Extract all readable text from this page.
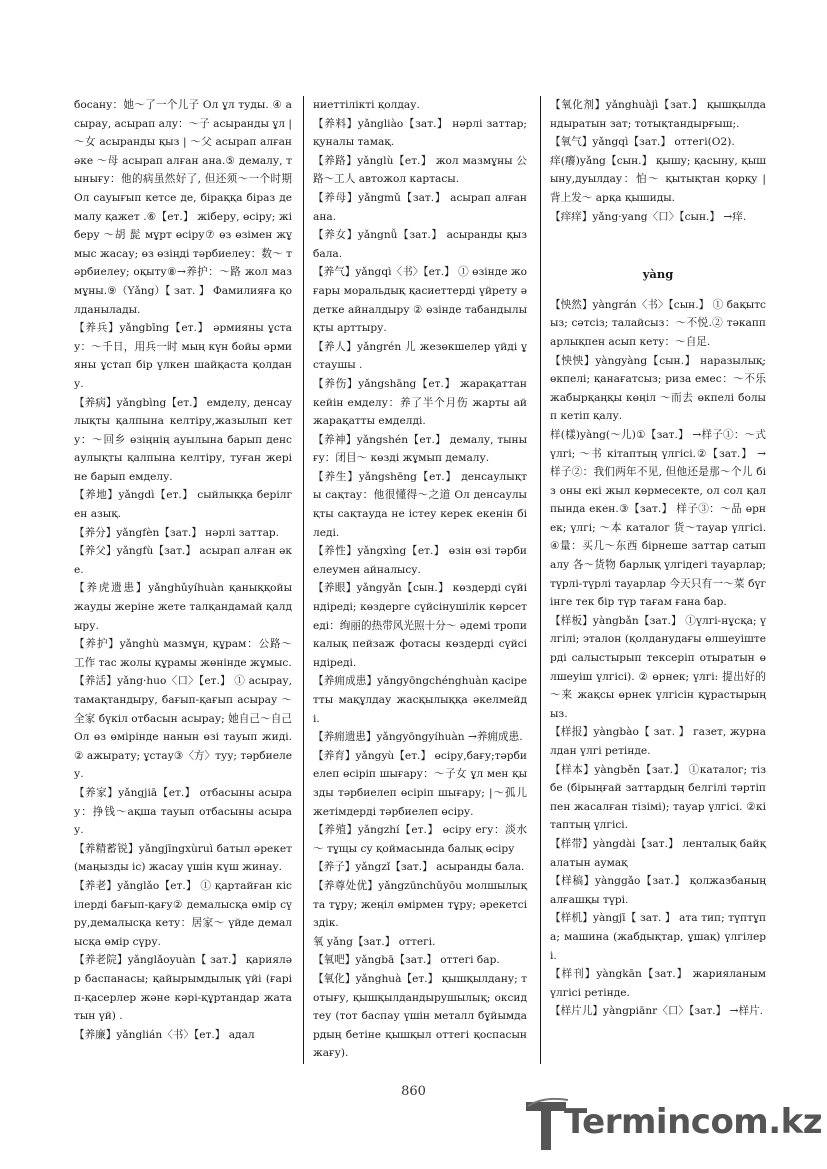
босану：她～了一个儿子 Ол ұл туды. ④ асырау, асырап алу：～子 асыранды ұл | ～女 асыранды қыз | ～父 асырап алған әке ～母 асырап алған ана.⑤ демалу, тынығу：他的病虽然好了, 但还须～一个时期 Ол сауығып кетсе де, біраққа біраз демалу қажет .⑥【ет.】 жіберу, өсіру; жіберу ～胡 髭 мұрт өсіру⑦ өз өзімен жұмыс жасау; өз өзіңді тәрбиелеу：数～ тәрбиелеу; оқыту⑧→养护：～路 жол мазмұны.⑨（Yǎng）【 зат. 】 Фамилияға қолданылады.

【养兵】yǎngbīng【ет.】 әрмияны ұстау：～千日，用兵一时 мың күн бойы әрмияны ұстап бір үлкен шайқаста қолдану.

【养病】yǎngbìng【ет.】 емделу, денсаулықты қалпына келтіру,жазылып кету：～回乡 өзіңнің ауылына барып денсаулықты қалпына келтіру, туған жеріне барып емделу.

【养地】yǎngdì【ет.】 сыйлыққа берілген азық.

【养分】yǎngfèn【зат.】 нәрлі заттар.

【养父】yǎngfù【зат.】 асырап алған әке.

【养虎遗患】yǎnghǔyíhuàn қаныққойы жауды жеріне жете талқандамай қалдыру.

【养护】yǎnghù мазмұн, құрам：公路～工作 тас жолы құрамы жөнінде жұмыс.

【养活】yǎng·huo〈口〉【ет.】 ① асырау,тамақтандыру, бағып-қағып асырау ～全家 бүкіл отбасын асырау; 她自己～自己 Ол өз өмірінде нанын өзі тауып жиді.② ажырату; ұстау③〈方〉туу; тәрбиелеу.

【养家】yǎngjiā【ет.】 отбасыны асырау：挣钱～ақша тауып отбасыны асырау.

【养精蓄锐】yǎngjīngxùruì батыл әрекет (маңызды іс) жасау үшін күш жинау.

【养老】yǎnglǎo【ет.】 ① қартайған кісілерді бағып-қағу② демалысқа өмір сүру,демалысқа кету：居家～ үйде демалысқа өмір сүру.

【养老院】yǎnglǎoyuàn【 зат.】 қарияләр баспанасы; қайырымдылық үйі (ғаріп-қасерлер және кәрі-құртандар жататын үй) .

【养廉】yǎnglián〈书〉【ет.】 адал

ниеттілікті қолдау.

【养料】yǎngliào【зат.】 нәрлі заттар; қуналы тамақ.

【养路】yǎnglù【ет.】 жол мазмұны 公路～工人 автожол картасы.

【养母】yǎngmǔ【зат.】 асырап алған ана.

【养女】yǎngnǚ【зат.】 асыранды қыз бала.

【养气】yǎngqì〈书〉【ет.】 ① өзінде жоғары моральдық қасиеттерді үйрету әдетке айналдыру ② өзінде табандылықты арттыру.

【养人】yǎngrén 儿 жезөкшелер үйді ұстаушы .

【养伤】yǎngshāng【ет.】 жарақаттан кейін емделу：养了半个月伤 жарты ай жарақатты емделді.

【养神】yǎngshén【ет.】 демалу, тынығу：闭目～ көзді жұмып демалу.

【养生】yǎngshēng【ет.】 денсаулықты сақтау：他很懂得～之道 Ол денсаулықты сақтауда не істеу керек екенін біледі.

【养性】yǎngxìng【ет.】 өзін өзі тәрбиелеумен айналысу.

【养眼】yǎngyǎn【сын.】 көздерді сүйіндіреді; көздерге сүйсінушілік көрсетеді：绚丽的热带风光照十分～ әдемі тропикалық пейзаж фотасы көздерді сүйсіндіреді.

【养痈成患】yǎngyōngchénghuàn қасіретты мақұлдау жасқылыққа әкелмейді.

【养痈遗患】yǎngyōngyíhuàn →养痈成患.

【养育】yǎngyù【ет.】 өсіру,бағу;тәрбиелеп өсіріп шығару：～子女 ұл мен қызды тәрбиелеп өсіріп шығару; |～孤儿 жетімдерді тәрбиелеп өсіру.

【养殖】yǎngzhí【ет.】 өсіру егу：淡水～ тұщы су қоймасында балық өсіру

【养子】yǎngzǐ【зат.】 асыранды бала.

【养尊处优】yǎngzūnchǔyōu молшылықта тұру; жеңіл өмірмен тұру; әрекетсіздік.

氧 yǎng【зат.】 оттегі.

【氧吧】yǎngbā【зат.】 оттегі бар.

【氧化】yǎnghuà【ет.】 қышқылдану; тотығу, қышқылдандырушылық; оксидтеу (тот баспау үшін металл бұйымдардың бетіне қышқыл оттегі қоспасын жағу).

【氧化剂】yǎnghuàjì【зат.】 қышқылдандыратын зат; тотықтандырғыш;.

【氧气】yǎngqì【зат.】 оттегі(O2).

痒(癢)yǎng【сын.】 қышу; қасыну, қышыну,дуылдау：怕～ қытықтан қорқу | 背上发～ арқа қышиды.

【痒痒】yǎng·yang〈口〉【сын.】 →痒.

yàng

【怏然】yàngrán〈书〉【сын.】 ① бақытсыз; сәтсіз; талайсыз：～不悦.② тәкаппарлықпен асып кету：～自足.

【怏怏】yàngyàng【сын.】 наразылық; өкпелі; қанағатсыз; риза емес：～不乐 жабырқаңқы көңіл ～而去 өкпелі болып кетіп қалу.

样(樣)yàng(～儿)①【зат.】 →样子①：～式 үлгі; ～书 кітаптың үлгісі.②【зат.】 →样子②：我们两年不见, 但他还是那～个儿 біз оны екі жыл көрмесекте, ол сол қалпында екен.③【зат.】 样子③：～品 өрнек; үлгі; ～本 каталог 货～тауар үлгісі.④量：买几～东西 бірнеше заттар сатып алу 各～货物 барлық үлгідегі тауарлар; түрлі-түрлі тауарлар 今天只有一～菜 бүгінге тек бір түр тағам ғана бар.

【样板】yàngbǎn【зат.】 ①үлгі-нұсқа; үлгілі; эталон (қолданудағы өлшеуіштерді салыстырып тексеріп отыратын өлшеуіш үлгісі). ② өрнек; үлгі: 提出好的～来 жақсы өрнек үлгісін құрастырыңыз.

【样报】yàngbào【 зат. 】 газет, журналдан үлгі ретінде.

【样本】yàngběn【зат.】 ①каталог; тізбе (бірыңғай заттардың белгілі тәртіппен жасалған тізімі); тауар үлгісі. ②кітаптың үлгісі.

【样带】yàngdài【зат.】 ленталық байқалатын аумақ

【样稿】yànggǎo【зат.】 қолжазбаның алғашқы түрі.

【样机】yàngjī【 зат. 】 ата тип; түптұпа; машина (жабдықтар, ұшақ) үлгілері.

【样刊】yàngkān【зат.】 жарияланым үлгісі ретінде.

【样片儿】yàngpiānr〈口〉【зат.】 →样片.

860
Termincom.kz
